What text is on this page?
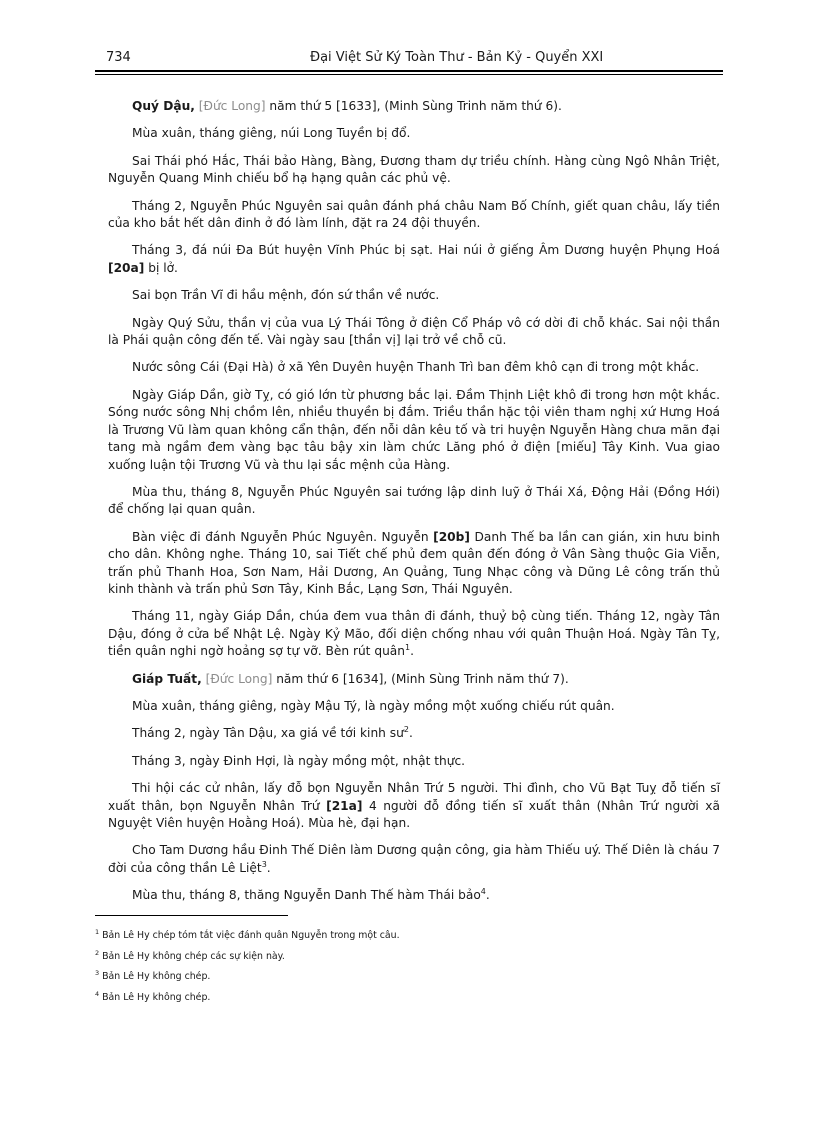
734	Đại Việt Sử Ký Toàn Thư - Bản Kỷ - Quyển XXI

Quý Dậu, [Đức Long] năm thứ 5 [1633], (Minh Sùng Trinh năm thứ 6).

Mùa xuân, tháng giêng, núi Long Tuyền bị đổ.

Sai Thái phó Hắc, Thái bảo Hàng, Bàng, Đương tham dự triều chính. Hàng cùng Ngô Nhân Triệt, Nguyễn Quang Minh chiếu bổ hạ hạng quân các phủ vệ.

Tháng 2, Nguyễn Phúc Nguyên sai quân đánh phá châu Nam Bố Chính, giết quan châu, lấy tiền của kho bắt hết dân đinh ở đó làm lính, đặt ra 24 đội thuyền.

Tháng 3, đá núi Đa Bút huyện Vĩnh Phúc bị sạt. Hai núi ở giếng Âm Dương huyện Phụng Hoá [20a] bị lở.

Sai bọn Trần Vĩ đi hầu mệnh, đón sứ thần về nước.

Ngày Quý Sửu, thần vị của vua Lý Thái Tông ở điện Cổ Pháp vô cớ dời đi chỗ khác. Sai nội thần là Phái quận công đến tế. Vài ngày sau [thần vị] lại trở về chỗ cũ.

Nước sông Cái (Đại Hà) ở xã Yên Duyên huyện Thanh Trì ban đêm khô cạn đi trong một khắc.

Ngày Giáp Dần, giờ Tỵ, có gió lớn từ phương bắc lại. Đầm Thịnh Liệt khô đi trong hơn một khắc. Sóng nước sông Nhị chồm lên, nhiều thuyền bị đắm. Triều thần hặc tội viên tham nghị xứ Hưng Hoá là Trương Vũ làm quan không cẩn thận, đến nỗi dân kêu tố và tri huyện Nguyễn Hàng chưa mãn đại tang mà ngầm đem vàng bạc tâu bậy xin làm chức Lăng phó ở điện [miếu] Tây Kinh. Vua giao xuống luận tội Trương Vũ và thu lại sắc mệnh của Hàng.

Mùa thu, tháng 8, Nguyễn Phúc Nguyên sai tướng lập dinh luỹ ở Thái Xá, Động Hải (Đồng Hới) để chống lại quan quân.

Bàn việc đi đánh Nguyễn Phúc Nguyên. Nguyễn [20b] Danh Thế ba lần can gián, xin hưu binh cho dân. Không nghe. Tháng 10, sai Tiết chế phủ đem quân đến đóng ở Vân Sàng thuộc Gia Viễn, trấn phủ Thanh Hoa, Sơn Nam, Hải Dương, An Quảng, Tung Nhạc công và Dũng Lê công trấn thủ kinh thành và trấn phủ Sơn Tây, Kinh Bắc, Lạng Sơn, Thái Nguyên.

Tháng 11, ngày Giáp Dần, chúa đem vua thân đi đánh, thuỷ bộ cùng tiến. Tháng 12, ngày Tân Dậu, đóng ở cửa bể Nhật Lệ. Ngày Kỷ Mão, đối diện chống nhau với quân Thuận Hoá. Ngày Tân Tỵ, tiền quân nghi ngờ hoảng sợ tự vỡ. Bèn rút quân$^1$.

Giáp Tuất, [Đức Long] năm thứ 6 [1634], (Minh Sùng Trinh năm thứ 7).

Mùa xuân, tháng giêng, ngày Mậu Tý, là ngày mồng một xuống chiếu rút quân.

Tháng 2, ngày Tân Dậu, xa giá về tới kinh $sư^2$.

Tháng 3, ngày Đinh Hợi, là ngày mồng một, nhật thực.

Thi hội các cử nhân, lấy đỗ bọn Nguyễn Nhân Trứ 5 người. Thi đình, cho Vũ Bạt Tuỵ đỗ tiến sĩ xuất thân, bọn Nguyễn Nhân Trứ [21a] 4 người đỗ đồng tiến sĩ xuất thân (Nhân Trứ người xã Nguyệt Viên huyện Hoằng Hoá). Mùa hè, đại hạn.

Cho Tam Dương hầu Đinh Thế Diên làm Dương quận công, gia hàm Thiếu uý. Thế Diên là cháu 7 đời của công thần Lê Liệt$^3$.

Mùa thu, tháng 8, thăng Nguyễn Danh Thế hàm Thái bảo$^4$.

$^1$ Bản Lê Hy chép tóm tắt việc đánh quân Nguyễn trong một câu.

$^2$ Bản Lê Hy không chép các sự kiện này.

$^3$ Bản Lê Hy không chép.

$^4$ Bản Lê Hy không chép.
